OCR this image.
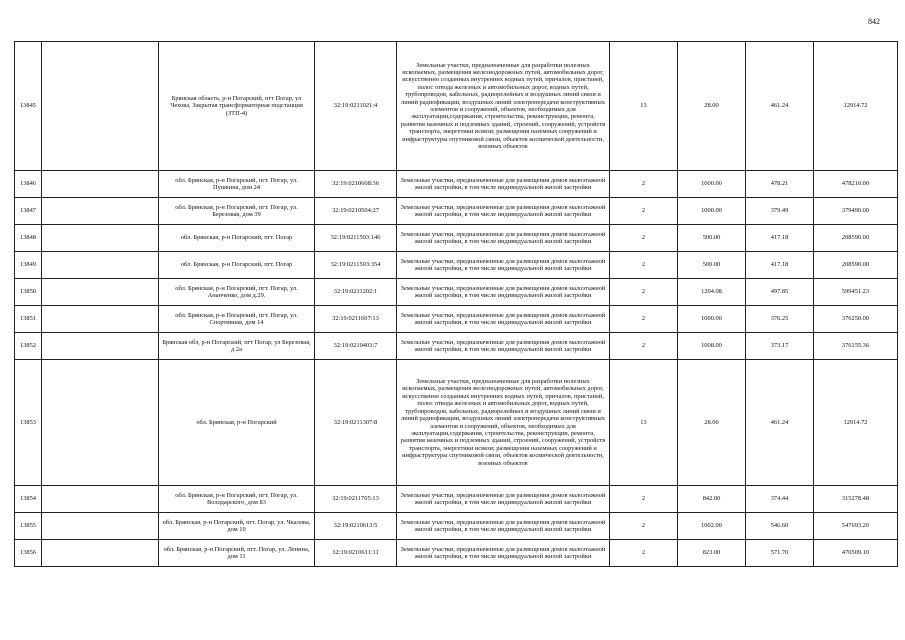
842
13845		Брянская область, р-н Погарский, пгт Погар, ул Чехова, Закрытая трансформаторная подстанция (ЗТП-4)	32:19:0211021:4	Земельные участки, предназначенные для разработки полезных ископаемых, размещения железнодорожных путей, автомобильных дорог, искусственно созданных внутренних водных путей, причалов, пристаней, полос отвода железных и автомобильных дорог, водных путей, трубопроводов, кабельных, радиорелейных и воздушных линий связи и линий радиофикации, воздушных линий электропередачи конструктивных элементов и сооружений, объектов, необходимых для эксплуатации,содержания, строительства, реконструкции, ремонта, развития наземных и подземных зданий, строений, сооружений, устройств транспорта, энергетики исвязи; размещения наземных сооружений и инфраструктуры спутниковой связи, объектов космической деятельности, военных объектов	13	28.00	461.24	12914.72
13846		обл. Брянская, р-н Погарский, пгт. Погар, ул. Пушкина, дом 24	32:19:0210608:36	Земельные участки, предназначенные для размещения домов малоэтажной жилой застройки, в том числе индивидуальной жилой застройки	2	1000.00	478.21	478210.00
13847		обл. Брянская, р-н Погарский, пгт. Погар, ул. Березовая, дом 39	32:19:0210504:27	Земельные участки, предназначенные для размещения домов малоэтажной жилой застройки, в том числе индивидуальной жилой застройки	2	1000.00	379.49	379490.00
13848		обл. Брянская, р-н Погарский, пгт. Погар	32:19:0211503:146	Земельные участки, предназначенные для размещения домов малоэтажной жилой застройки, в том числе индивидуальной жилой застройки	2	500.00	417.18	208590.00
13849		обл. Брянская, р-н Погарский, пгт. Погар	32:19:0211503:354	Земельные участки, предназначенные для размещения домов малоэтажной жилой застройки, в том числе индивидуальной жилой застройки	2	500.00	417.18	208590.00
13850		обл. Брянская, р-н Погарский, пгт. Погар, ул. Ананченко, дом д.29.	32:19:0211202:1	Земельные участки, предназначенные для размещения домов малоэтажной жилой застройки, в том числе индивидуальной жилой застройки	2	1204.08	497.85	599451.23
13851		обл. Брянская, р-н Погарский, пгт. Погар, ул. Спортивная, дом 14	32:19:0211607:13	Земельные участки, предназначенные для размещения домов малоэтажной жилой застройки, в том числе индивидуальной жилой застройки	2	1000.00	376.25	376250.00
13852		Брянская обл, р-н Погарский, пгт Погар, ул Березовая, д 2а	32:19:0210403:7	Земельные участки, предназначенные для размещения домов малоэтажной жилой застройки, в том числе индивидуальной жилой застройки	2	1008.00	373.17	376155.36
13853		обл. Брянская, р-н Погарский	32:19:0211307:8	Земельные участки, предназначенные для разработки полезных ископаемых, размещения железнодорожных путей, автомобильных дорог, искусственно созданных внутренних водных путей, причалов, пристаней, полос отвода железных и автомобильных дорог, водных путей, трубопроводов, кабельных, радиорелейных и воздушных линий связи и линий радиофикации, воздушных линий электропередачи конструктивных элементов и сооружений, объектов, необходимых для эксплуатации,содержания, строительства, реконструкции, ремонта, развития наземных и подземных зданий, строений, сооружений, устройств транспорта, энергетики исвязи; размещения наземных сооружений и инфраструктуры спутниковой связи, объектов космической деятельности, военных объектов	13	28.00	461.24	12914.72
13854		обл. Брянская, р-н Погарский, пгт. Погар, ул. Володарского, дом 83	32:19:0211705:13	Земельные участки, предназначенные для размещения домов малоэтажной жилой застройки, в том числе индивидуальной жилой застройки	2	842.00	374.44	315278.48
13855		обл. Брянская, р-н Погарский, пгт. Погар, ул. Чкалова, дом 10	32:19:0210613:5	Земельные участки, предназначенные для размещения домов малоэтажной жилой застройки, в том числе индивидуальной жилой застройки	2	1002.00	546.60	547693.20
13856		обл. Брянская, р-н Погарский, пгт. Погар, ул. Ленина, дом 11	32:19:0210611:11	Земельные участки, предназначенные для размещения домов малоэтажной жилой застройки, в том числе индивидуальной жилой застройки	2	823.00	571.70	470509.10
